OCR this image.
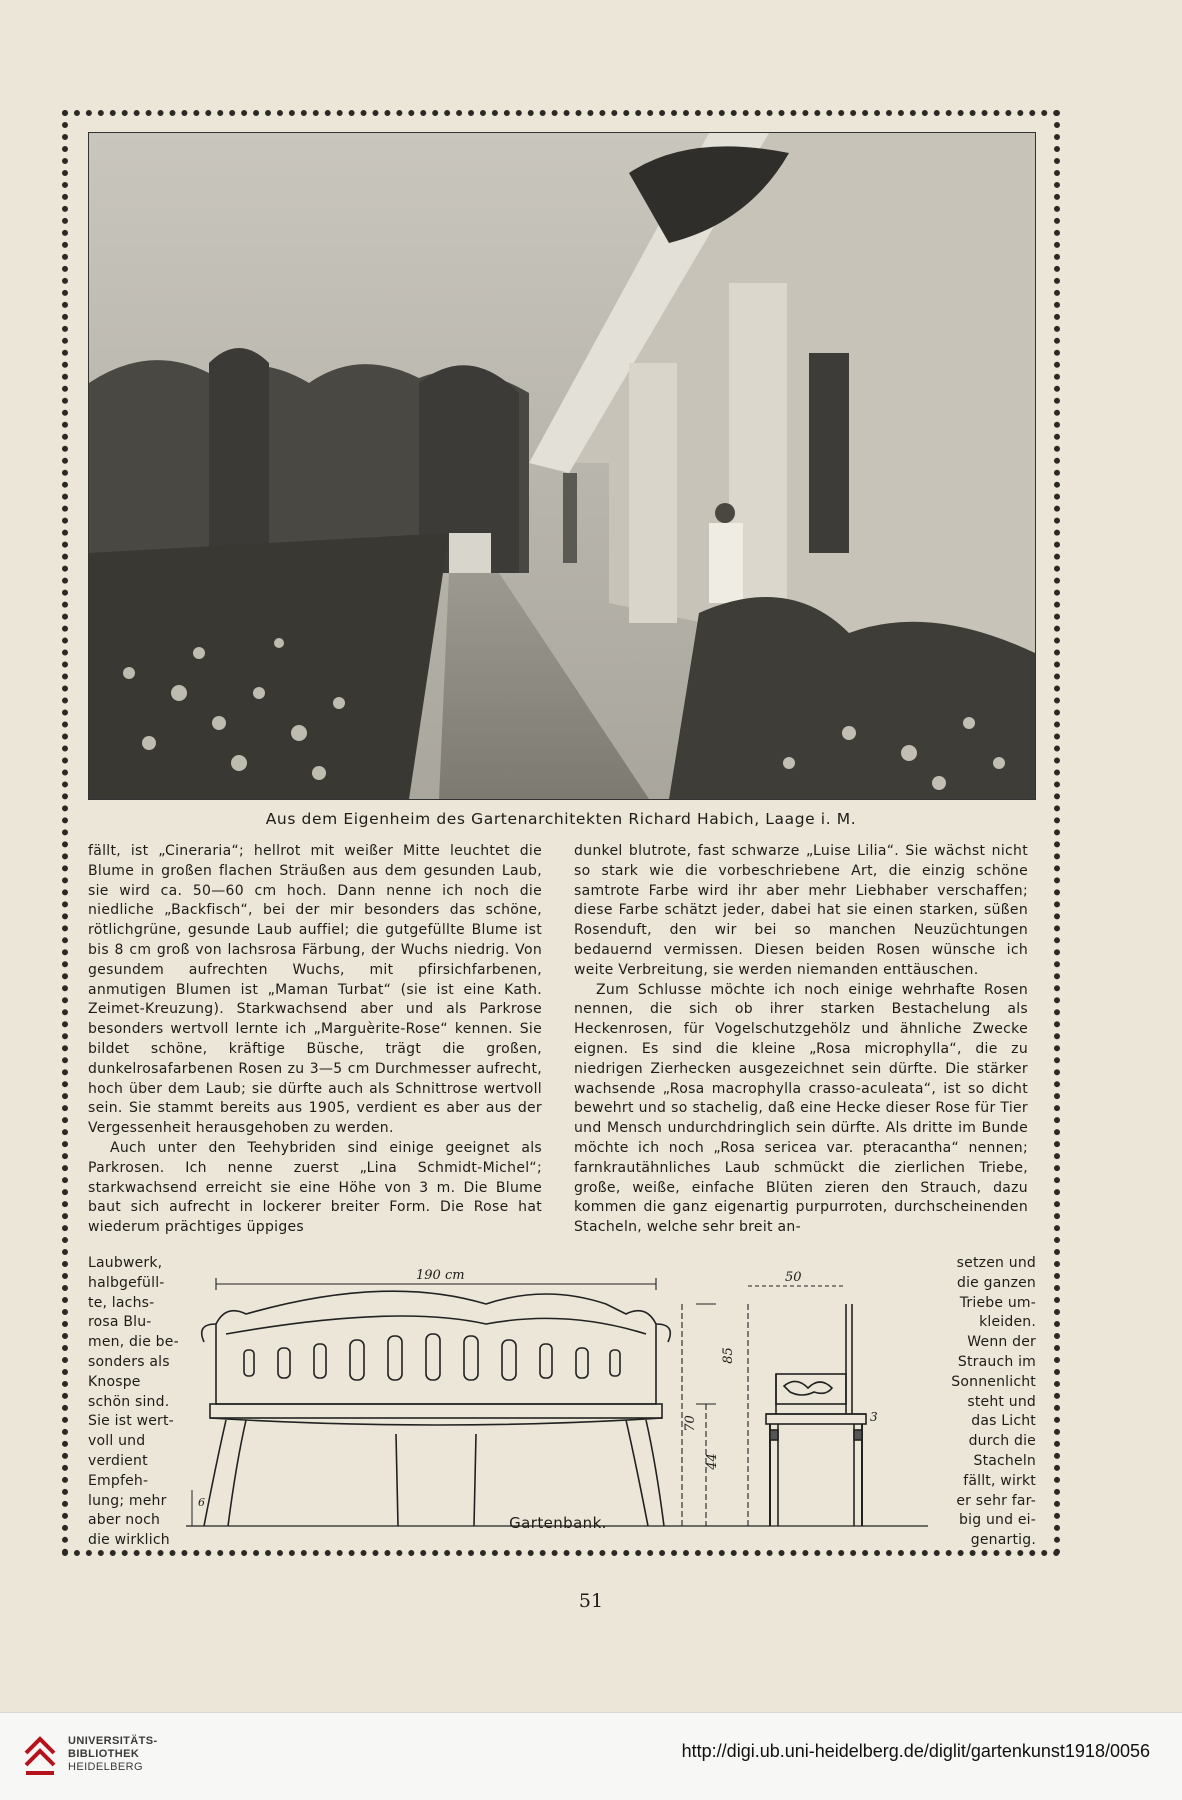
Aus dem Eigenheim des Gartenarchitekten Richard Habich, Laage i. M.

fällt, ist „Cineraria“; hellrot mit weißer Mitte leuchtet die Blume in großen flachen Sträußen aus dem gesunden Laub, sie wird ca. 50—60 cm hoch. Dann nenne ich noch die niedliche „Backfisch“, bei der mir besonders das schöne, rötlichgrüne, gesunde Laub auffiel; die gutgefüllte Blume ist bis 8 cm groß von lachsrosa Färbung, der Wuchs niedrig. Von gesundem aufrechten Wuchs, mit pfirsichfarbenen, anmutigen Blumen ist „Maman Turbat“ (sie ist eine Kath. Zeimet-Kreuzung). Starkwachsend aber und als Parkrose besonders wertvoll lernte ich „Marguèrite-Rose“ kennen. Sie bildet schöne, kräftige Büsche, trägt die großen, dunkelrosafarbenen Rosen zu 3—5 cm Durchmesser aufrecht, hoch über dem Laub; sie dürfte auch als Schnittrose wertvoll sein. Sie stammt bereits aus 1905, verdient es aber aus der Vergessenheit herausgehoben zu werden.

Auch unter den Teehybriden sind einige geeignet als Parkrosen. Ich nenne zuerst „Lina Schmidt-Michel“; starkwachsend erreicht sie eine Höhe von 3 m. Die Blume baut sich aufrecht in lockerer breiter Form. Die Rose hat wiederum prächtiges üppiges

dunkel blutrote, fast schwarze „Luise Lilia“. Sie wächst nicht so stark wie die vorbeschriebene Art, die einzig schöne samtrote Farbe wird ihr aber mehr Liebhaber verschaffen; diese Farbe schätzt jeder, dabei hat sie einen starken, süßen Rosenduft, den wir bei so manchen Neuzüchtungen bedauernd vermissen. Diesen beiden Rosen wünsche ich weite Verbreitung, sie werden niemanden enttäuschen.

Zum Schlusse möchte ich noch einige wehrhafte Rosen nennen, die sich ob ihrer starken Bestachelung als Heckenrosen, für Vogelschutzgehölz und ähnliche Zwecke eignen. Es sind die kleine „Rosa microphylla“, die zu niedrigen Zierhecken ausgezeichnet sein dürfte. Die stärker wachsende „Rosa macrophylla crasso-aculeata“, ist so dicht bewehrt und so stachelig, daß eine Hecke dieser Rose für Tier und Mensch undurchdringlich sein dürfte. Als dritte im Bunde möchte ich noch „Rosa sericea var. pteracantha“ nennen; farnkrautähnliches Laub schmückt die zierlichen Triebe, große, weiße, einfache Blüten zieren den Strauch, dazu kommen die ganz eigenartig purpurroten, durchscheinenden Stacheln, welche sehr breit an-

Laubwerk,
halbgefüll-
te, lachs-
rosa Blu-
men, die be-
sonders als
Knospe
schön sind.
Sie ist wert-
voll und
verdient
Empfeh-
lung; mehr
aber noch
die wirklich
setzen und
die ganzen
Triebe um-
kleiden.
Wenn der
Strauch im
Sonnenlicht
steht und
das Licht
durch die
Stacheln
fällt, wirkt
er sehr far-
big und ei-
genartig.
190 cm	50
85
70
44
6
3
Gartenbank.
51
UNIVERSITÄTS-
BIBLIOTHEK
HEIDELBERG
http://digi.ub.uni-heidelberg.de/diglit/gartenkunst1918/0056
